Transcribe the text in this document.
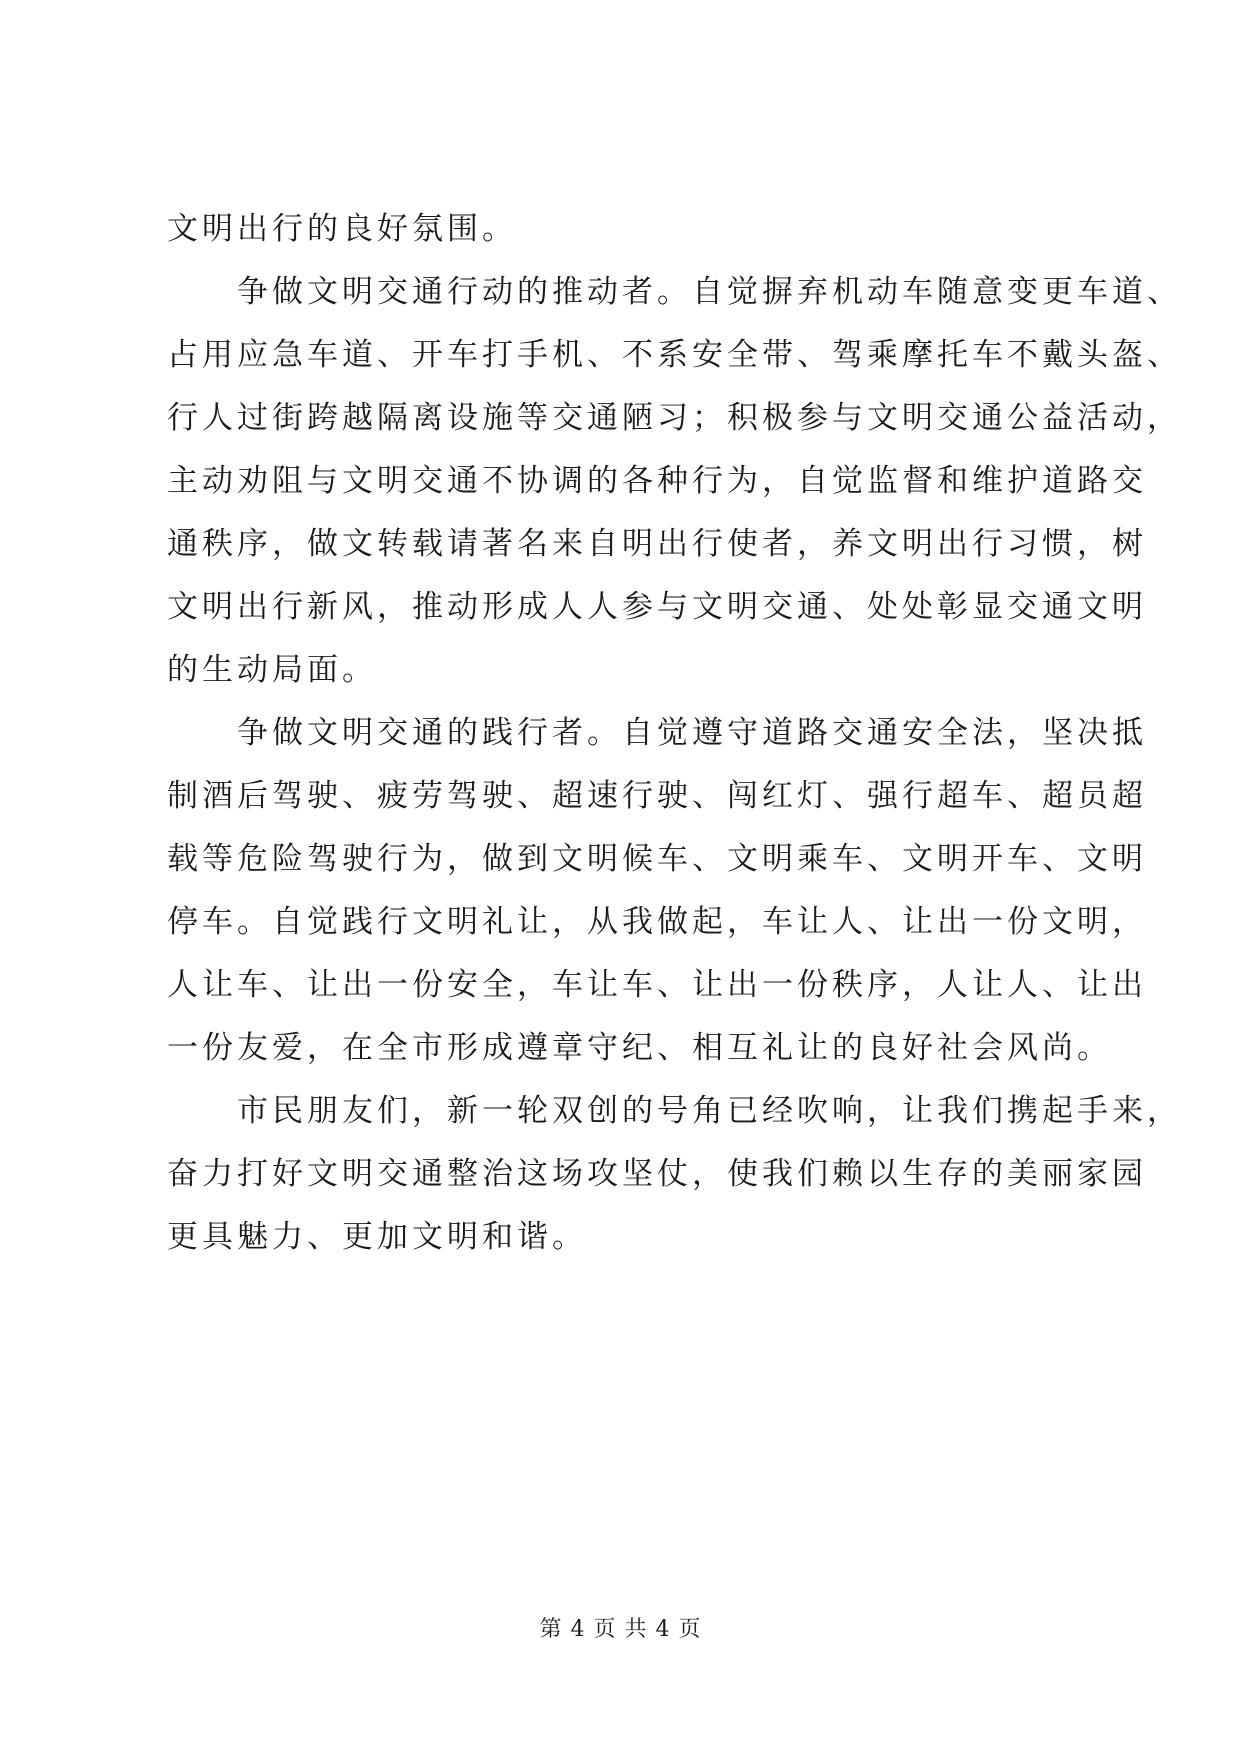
文明出行的良好氛围。
　　争做文明交通行动的推动者。自觉摒弃机动车随意变更车道、
占用应急车道、开车打手机、不系安全带、驾乘摩托车不戴头盔、
行人过街跨越隔离设施等交通陋习；积极参与文明交通公益活动，
主动劝阻与文明交通不协调的各种行为，自觉监督和维护道路交
通秩序，做文转载请著名来自明出行使者，养文明出行习惯，树
文明出行新风，推动形成人人参与文明交通、处处彰显交通文明
的生动局面。
　　争做文明交通的践行者。自觉遵守道路交通安全法，坚决抵
制酒后驾驶、疲劳驾驶、超速行驶、闯红灯、强行超车、超员超
载等危险驾驶行为，做到文明候车、文明乘车、文明开车、文明
停车。自觉践行文明礼让，从我做起，车让人、让出一份文明，
人让车、让出一份安全，车让车、让出一份秩序，人让人、让出
一份友爱，在全市形成遵章守纪、相互礼让的良好社会风尚。
　　市民朋友们，新一轮双创的号角已经吹响，让我们携起手来，
奋力打好文明交通整治这场攻坚仗，使我们赖以生存的美丽家园
更具魅力、更加文明和谐。
第 4 页 共 4 页
